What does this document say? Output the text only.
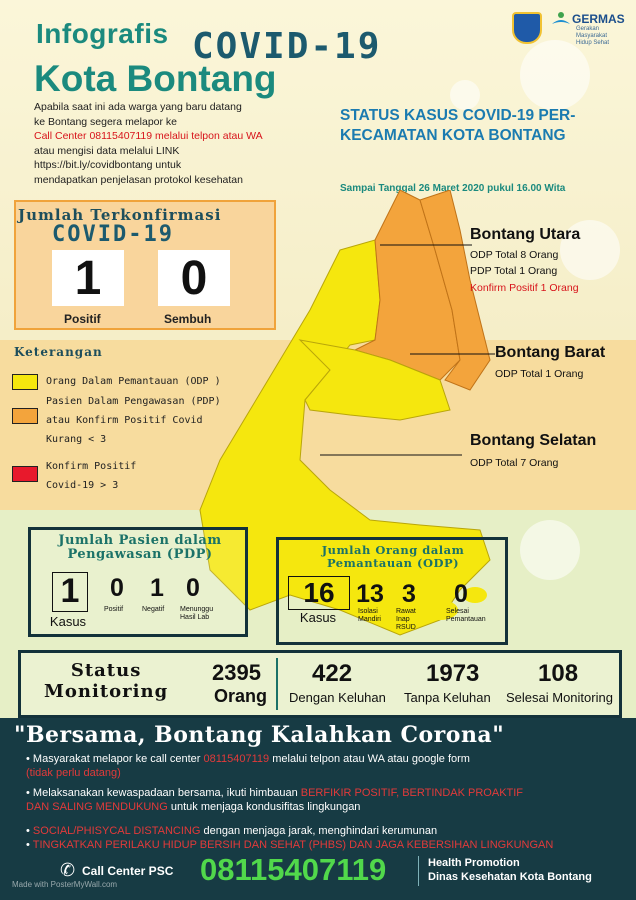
Infografis COVID-19
Kota Bontang
GERMAS
Gerakan Masyarakat Hidup Sehat
Apabila saat ini ada warga yang baru datang
ke Bontang segera melapor ke
Call Center 08115407119 melalui telpon atau WA
atau mengisi data melalui LINK
https://bit.ly/covidbontang untuk
mendapatkan penjelasan protokol kesehatan
STATUS KASUS COVID-19 PER- KECAMATAN KOTA BONTANG
Sampai Tanggal 26 Maret 2020 pukul 16.00 Wita
Bontang Utara
ODP Total 8 Orang
PDP Total 1 Orang
Konfirm Positif 1 Orang
Bontang Barat
ODP Total 1 Orang
Bontang Selatan
ODP Total 7 Orang
Jumlah Terkonfirmasi
COVID-19
1	0
Positif	Sembuh
Keterangan
Orang Dalam Pemantauan (ODP )
Pasien Dalam Pengawasan (PDP) atau Konfirm Positif Covid Kurang < 3
Konfirm Positif Covid-19 > 3
Jumlah Pasien dalam Pengawasan (PDP)
1
Kasus
0
Positif
1
Negatif
0
Menunggu Hasil Lab
Jumlah Orang dalam Pemantauan (ODP)
16
Kasus
13
Isolasi Mandiri
3
Rawat Inap RSUD
0
Selesai Pemantauan
Status
Monitoring
2395
Orang
422
Dengan Keluhan
1973
Tanpa Keluhan
108
Selesai Monitoring
"Bersama, Bontang Kalahkan Corona"
• Masyarakat melapor ke call center 08115407119 melalui telpon atau WA atau google form
(tidak perlu datang)
• Melaksanakan kewaspadaan bersama, ikuti himbauan BERFIKIR POSITIF, BERTINDAK PROAKTIF
DAN SALING MENDUKUNG untuk menjaga kondusifitas lingkungan
• SOCIAL/PHISYCAL DISTANCING dengan menjaga jarak, menghindari kerumunan
• TINGKATKAN PERILAKU HIDUP BERSIH DAN SEHAT (PHBS) DAN JAGA KEBERSIHAN LINGKUNGAN
✆ Call Center PSC 08115407119	Health Promotion
Dinas Kesehatan Kota Bontang
Made with PosterMyWall.com
